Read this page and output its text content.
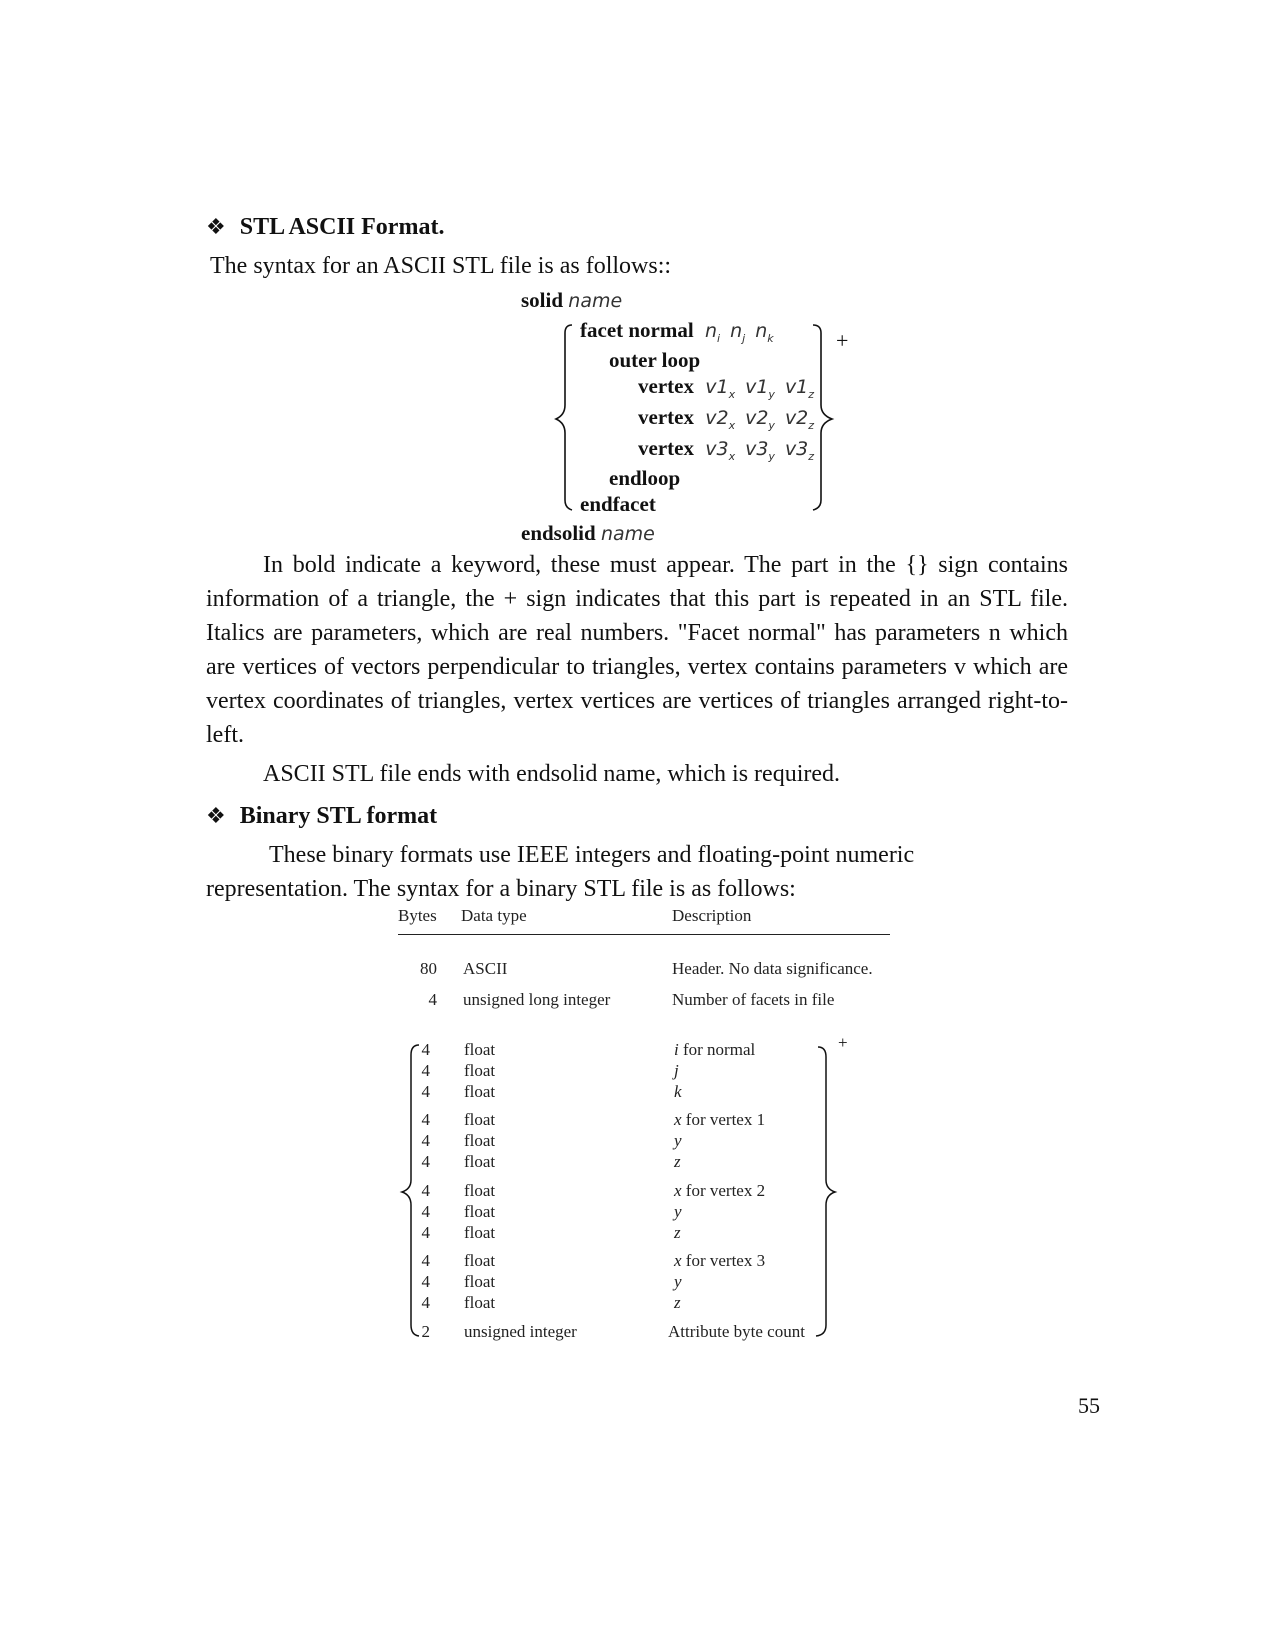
❖ STL ASCII Format.
The syntax for an ASCII STL file is as follows::
solid name
facet normal $n_i$ $n_j$ $n_k$
outer loop
vertex $v1_x$ $v1_y$ $v1_z$
vertex $v2_x$ $v2_y$ $v2_z$
vertex $v3_x$ $v3_y$ $v3_z$
endloop
endfacet
endsolid name
+
In bold indicate a keyword, these must appear. The part in the {} sign contains information of a triangle, the + sign indicates that this part is repeated in an STL file. Italics are parameters, which are real numbers. "Facet normal" has parameters n which are vertices of vectors perpendicular to triangles, vertex contains parameters v which are vertex coordinates of triangles, vertex vertices are vertices of triangles arranged right-to-left.
ASCII STL file ends with endsolid name, which is required.
❖ Binary STL format
These binary formats use IEEE integers and floating-point numeric
representation. The syntax for a binary STL file is as follows:
Bytes Data type	Description
80 ASCII	Header. No data significance.
4 unsigned long integer	Number of facets in file
4 float	i for normal
4 float	j
4 float	k
4 float	x for vertex 1
4 float	y
4 float	z
4 float	x for vertex 2
4 float	y
4 float	z
4 float	x for vertex 3
4 float	y
4 float	z
2 unsigned integer	Attribute byte count
+
55
